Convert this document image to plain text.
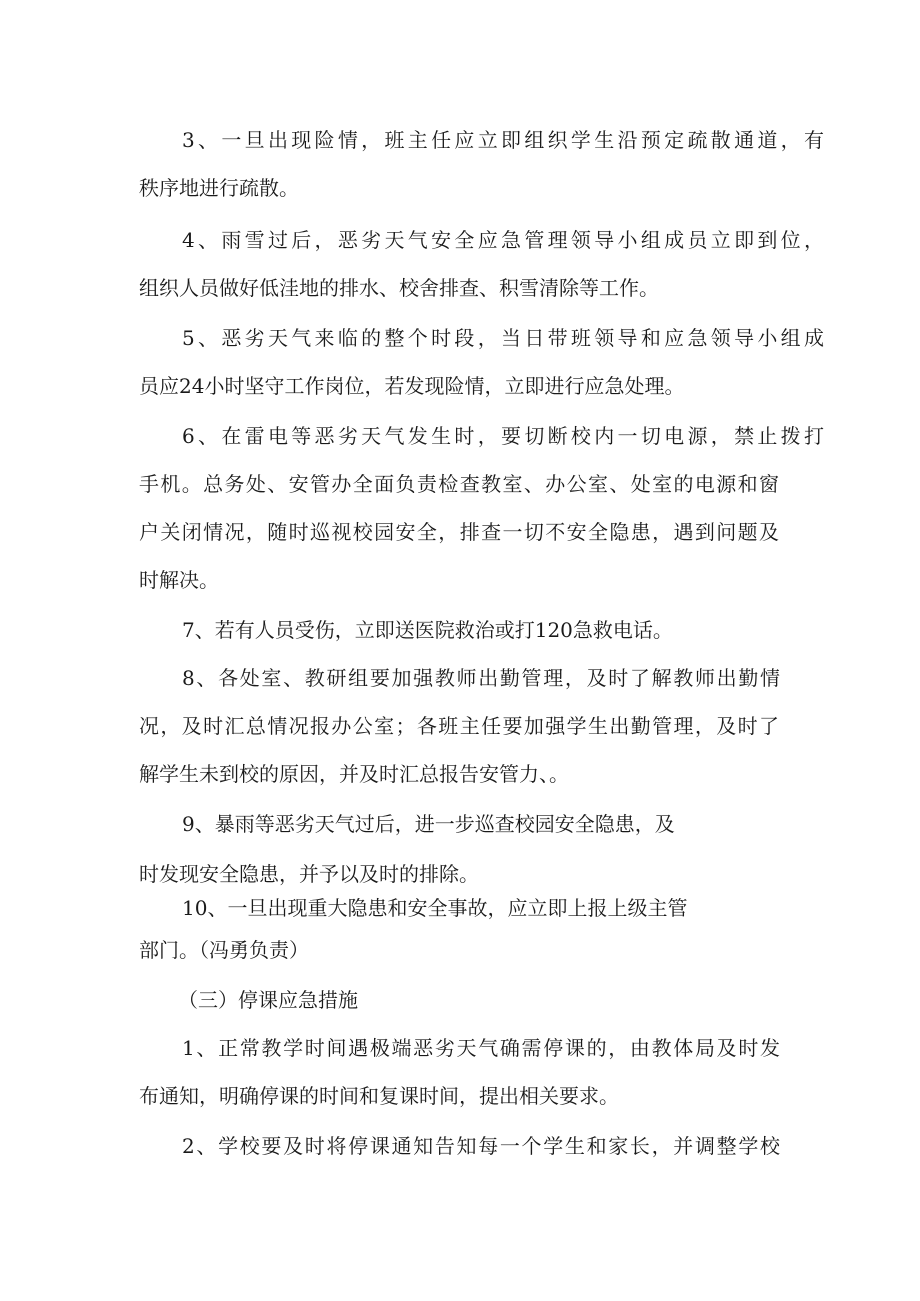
3、一旦出现险情，班主任应立即组织学生沿预定疏散通道，有
秩序地进行疏散。
4、雨雪过后，恶劣天气安全应急管理领导小组成员立即到位，
组织人员做好低洼地的排水、校舍排查、积雪清除等工作。
5、恶劣天气来临的整个时段，当日带班领导和应急领导小组成
员应24小时坚守工作岗位，若发现险情，立即进行应急处理。
6、在雷电等恶劣天气发生时，要切断校内一切电源，禁止拨打
手机。总务处、安管办全面负责检查教室、办公室、处室的电源和窗
户关闭情况，随时巡视校园安全，排查一切不安全隐患，遇到问题及
时解决。
7、若有人员受伤，立即送医院救治或打120急救电话。
8、各处室、教研组要加强教师出勤管理，及时了解教师出勤情
况，及时汇总情况报办公室；各班主任要加强学生出勤管理，及时了
解学生未到校的原因，并及时汇总报告安管力、。
9、暴雨等恶劣天气过后，进一步巡查校园安全隐患，及
时发现安全隐患，并予以及时的排除。
10、一旦出现重大隐患和安全事故，应立即上报上级主管
部门。（冯勇负责）
（三）停课应急措施
1、正常教学时间遇极端恶劣天气确需停课的，由教体局及时发
布通知，明确停课的时间和复课时间，提出相关要求。
2、学校要及时将停课通知告知每一个学生和家长，并调整学校
